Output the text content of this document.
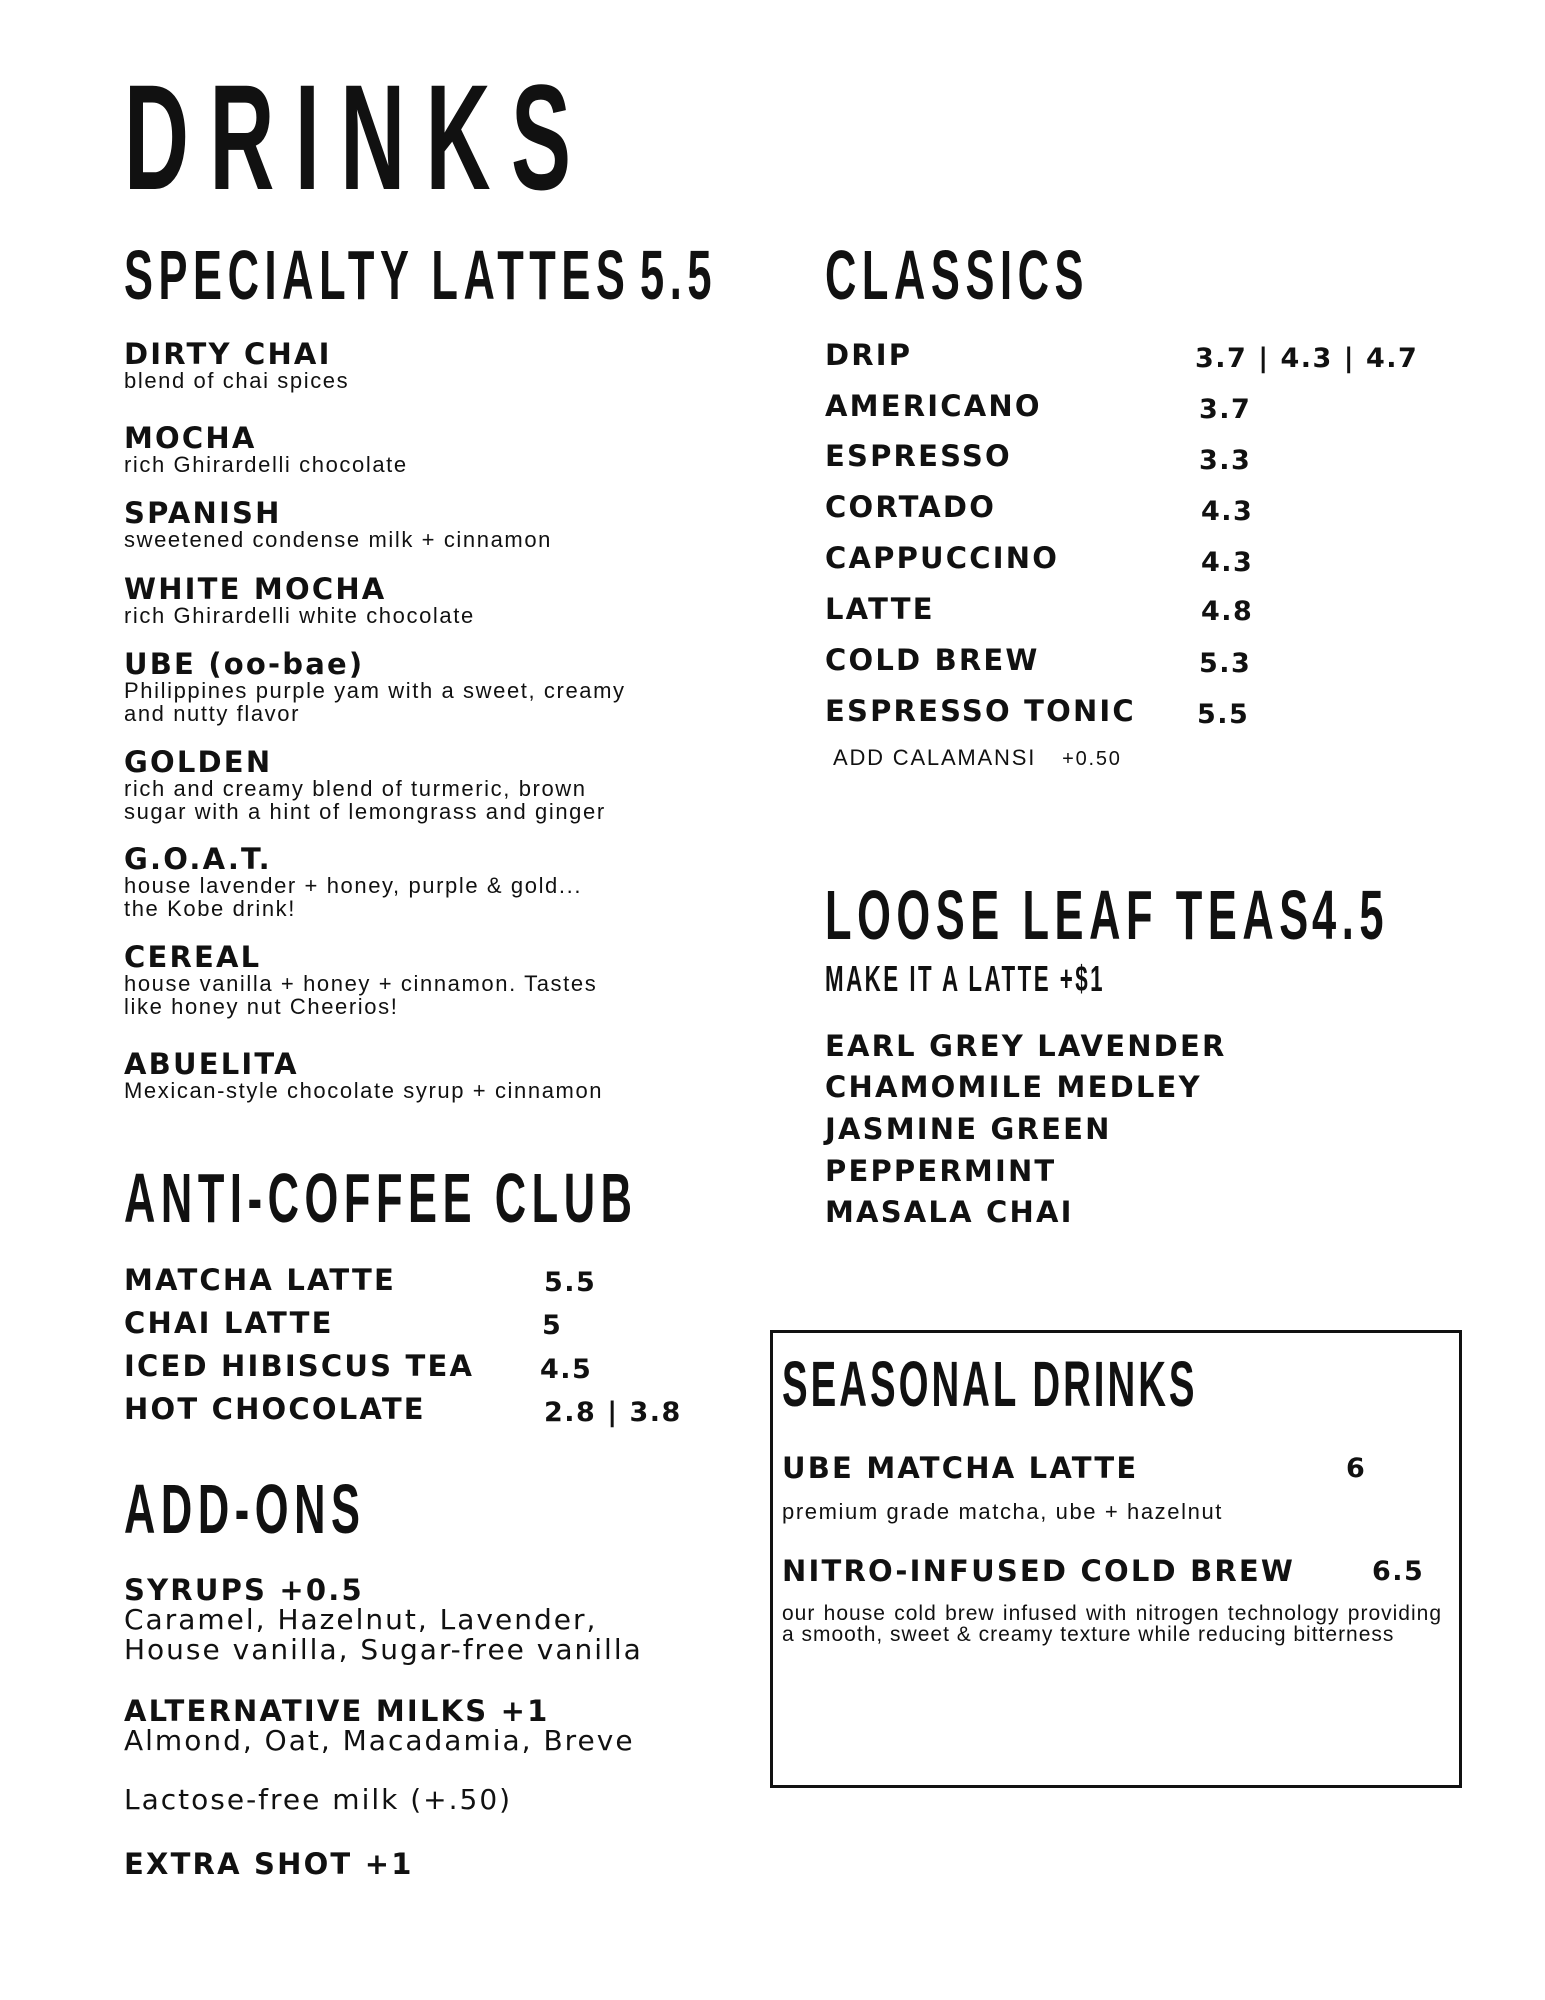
DRINKS
SPECIALTY LATTES 5.5
DIRTY CHAI
blend of chai spices
MOCHA
rich Ghirardelli chocolate
SPANISH
sweetened condense milk + cinnamon
WHITE MOCHA
rich Ghirardelli white chocolate
UBE (oo-bae)
Philippines purple yam with a sweet, creamy
and nutty flavor
GOLDEN
rich and creamy blend of turmeric, brown
sugar with a hint of lemongrass and ginger
G.O.A.T.
house lavender + honey, purple & gold...
the Kobe drink!
CEREAL
house vanilla + honey + cinnamon. Tastes
like honey nut Cheerios!
ABUELITA
Mexican-style chocolate syrup + cinnamon
ANTI-COFFEE CLUB
MATCHA LATTE	5.5
CHAI LATTE	5
ICED HIBISCUS TEA 4.5
HOT CHOCOLATE	2.8 | 3.8
ADD-ONS
SYRUPS +0.5
Caramel, Hazelnut, Lavender,
House vanilla, Sugar-free vanilla
ALTERNATIVE MILKS +1
Almond, Oat, Macadamia, Breve
Lactose-free milk (+.50)
EXTRA SHOT +1
CLASSICS
DRIP	3.7 | 4.3 | 4.7
AMERICANO	3.7
ESPRESSO	3.3
CORTADO	4.3
CAPPUCCINO	4.3
LATTE	4.8
COLD BREW	5.3
ESPRESSO TONIC 5.5
ADD CALAMANSI +0.50
LOOSE LEAF TEAS
4.5
MAKE IT A LATTE +$1
EARL GREY LAVENDER
CHAMOMILE MEDLEY
JASMINE GREEN
PEPPERMINT
MASALA CHAI
SEASONAL DRINKS
UBE MATCHA LATTE	6
premium grade matcha, ube + hazelnut
NITRO-INFUSED COLD BREW	6.5
our house cold brew infused with nitrogen technology providing a smooth, sweet & creamy texture while reducing bitterness
